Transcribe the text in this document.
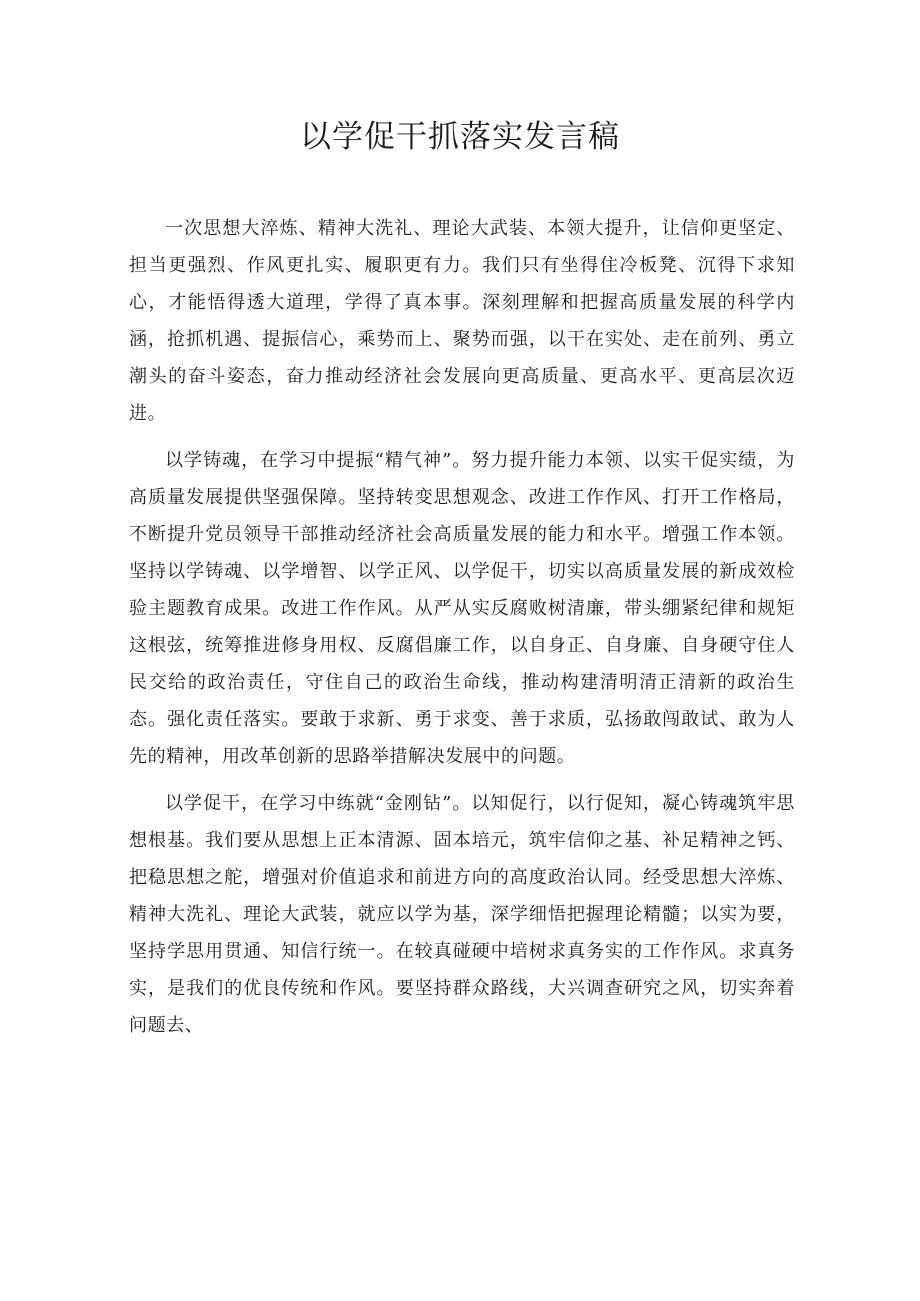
以学促干抓落实发言稿

一次思想大淬炼、精神大洗礼、理论大武装、本领大提升，让信仰更坚定、担当更强烈、作风更扎实、履职更有力。我们只有坐得住冷板凳、沉得下求知心，才能悟得透大道理，学得了真本事。深刻理解和把握高质量发展的科学内涵，抢抓机遇、提振信心，乘势而上、聚势而强，以干在实处、走在前列、勇立潮头的奋斗姿态，奋力推动经济社会发展向更高质量、更高水平、更高层次迈进。

以学铸魂，在学习中提振“精气神”。努力提升能力本领、以实干促实绩，为高质量发展提供坚强保障。坚持转变思想观念、改进工作作风、打开工作格局，不断提升党员领导干部推动经济社会高质量发展的能力和水平。增强工作本领。坚持以学铸魂、以学增智、以学正风、以学促干，切实以高质量发展的新成效检验主题教育成果。改进工作作风。从严从实反腐败树清廉，带头绷紧纪律和规矩这根弦，统筹推进修身用权、反腐倡廉工作，以自身正、自身廉、自身硬守住人民交给的政治责任，守住自己的政治生命线，推动构建清明清正清新的政治生态。强化责任落实。要敢于求新、勇于求变、善于求质，弘扬敢闯敢试、敢为人先的精神，用改革创新的思路举措解决发展中的问题。

以学促干，在学习中练就“金刚钻”。以知促行，以行促知，凝心铸魂筑牢思想根基。我们要从思想上正本清源、固本培元，筑牢信仰之基、补足精神之钙、把稳思想之舵，增强对价值追求和前进方向的高度政治认同。经受思想大淬炼、精神大洗礼、理论大武装，就应以学为基，深学细悟把握理论精髓；以实为要，坚持学思用贯通、知信行统一。在较真碰硬中培树求真务实的工作作风。求真务实，是我们的优良传统和作风。要坚持群众路线，大兴调查研究之风，切实奔着问题去、
